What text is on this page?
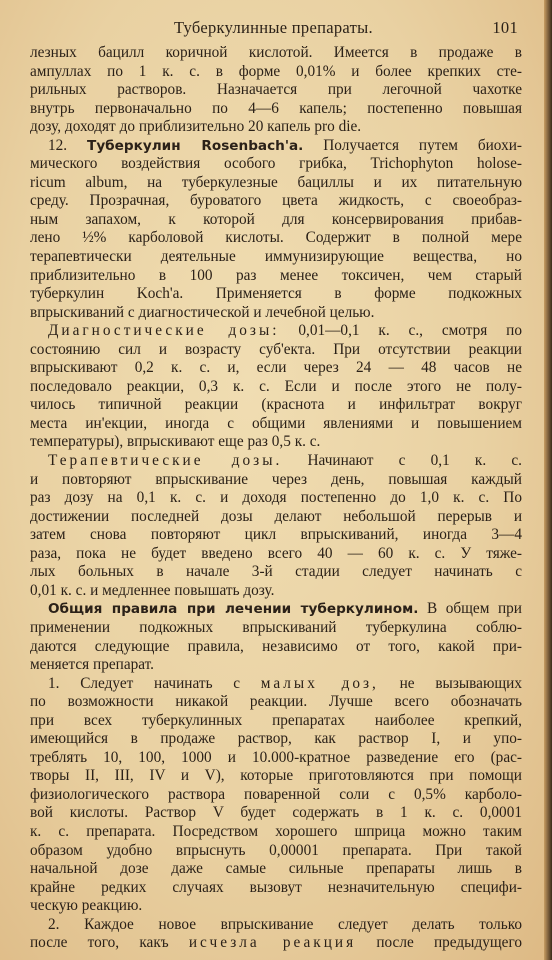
Туберкулинные препараты.	101
лезных бацилл коричной кислотой. Имеется в продаже в
ампуллах по 1 к. с. в форме 0,01% и более крепких сте-
рильных растворов. Назначается при легочной чахотке
внутрь первоначально по 4—6 капель; постепенно повышая
дозу, доходят до приблизительно 20 капель pro die.
12. Туберкулин Rosenbach'a. Получается путем биохи-
мического воздействия особого грибка, Trichophyton holose-
ricum album, на туберкулезные бациллы и их питательную
среду. Прозрачная, буроватого цвета жидкость, с своеобраз-
ным запахом, к которой для консервирования прибав-
лено ½% карболовой кислоты. Содержит в полной мере
терапевтически деятельные иммунизирующие вещества, но
приблизительно в 100 раз менее токсичен, чем старый
туберкулин Koch'a. Применяется в форме подкожных
впрыскиваний с диагностической и лечебной целью.
Диагностические дозы: 0,01—0,1 к. с., смотря по
состоянию сил и возрасту суб'екта. При отсутствии реакции
впрыскивают 0,2 к. с. и, если через 24 — 48 часов не
последовало реакции, 0,3 к. с. Если и после этого не полу-
чилось типичной реакции (краснота и инфильтрат вокруг
места ин'екции, иногда с общими явлениями и повышением
температуры), впрыскивают еще раз 0,5 к. с.
Терапевтические дозы. Начинают с 0,1 к. с.
и повторяют впрыскивание через день, повышая каждый
раз дозу на 0,1 к. с. и доходя постепенно до 1,0 к. с. По
достижении последней дозы делают небольшой перерыв и
затем снова повторяют цикл впрыскиваний, иногда 3—4
раза, пока не будет введено всего 40 — 60 к. с. У тяже-
лых больных в начале 3-й стадии следует начинать с
0,01 к. с. и медленнее повышать дозу.
Общия правила при лечении туберкулином. В общем при
применении подкожных впрыскиваний туберкулина соблю-
даются следующие правила, независимо от того, какой при-
меняется препарат.
1. Следует начинать с малых доз, не вызывающих
по возможности никакой реакции. Лучше всего обозначать
при всех туберкулинных препаратах наиболее крепкий,
имеющийся в продаже раствор, как раствор I, и упо-
треблять 10, 100, 1000 и 10.000-кратное разведение его (рас-
творы II, III, IV и V), которые приготовляются при помощи
физиологического раствора поваренной соли с 0,5% карболо-
вой кислоты. Раствор V будет содержать в 1 к. с. 0,0001
к. с. препарата. Посредством хорошего шприца можно таким
образом удобно впрыснуть 0,00001 препарата. При такой
начальной дозе даже самые сильные препараты лишь в
крайне редких случаях вызовут незначительную специфи-
ческую реакцию.
2. Каждое новое впрыскивание следует делать только
после того, какъ исчезла реакция после предыдущего
